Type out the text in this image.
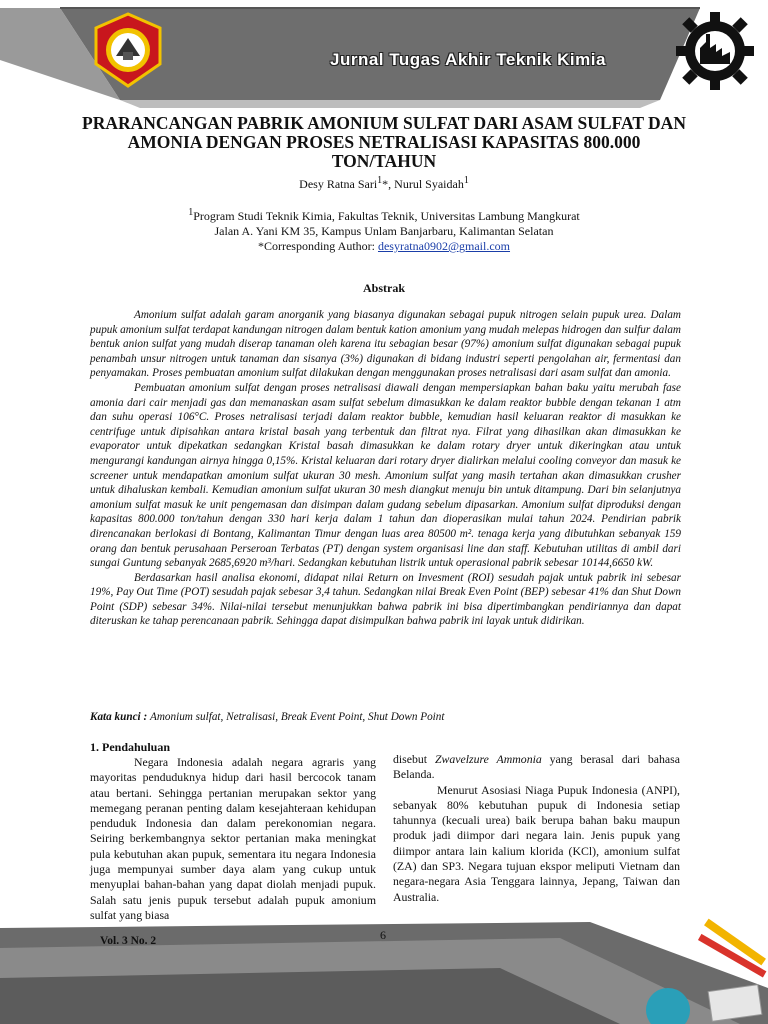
Jurnal Tugas Akhir Teknik Kimia
PRARANCANGAN PABRIK AMONIUM SULFAT DARI ASAM SULFAT DAN AMONIA DENGAN PROSES NETRALISASI KAPASITAS 800.000 TON/TAHUN
Desy Ratna Sari$^1$*, Nurul Syaidah$^1$
$^1$Program Studi Teknik Kimia, Fakultas Teknik, Universitas Lambung Mangkurat
Jalan A. Yani KM 35, Kampus Unlam Banjarbaru, Kalimantan Selatan
*Corresponding Author: desyratna0902@gmail.com
Abstrak

Amonium sulfat adalah garam anorganik yang biasanya digunakan sebagai pupuk nitrogen selain pupuk urea. Dalam pupuk amonium sulfat terdapat kandungan nitrogen dalam bentuk kation amonium yang mudah melepas hidrogen dan sulfur dalam bentuk anion sulfat yang mudah diserap tanaman oleh karena itu sebagian besar (97%) amonium sulfat digunakan sebagai pupuk penambah unsur nitrogen untuk tanaman dan sisanya (3%) digunakan di bidang industri seperti pengolahan air, fermentasi dan penyamakan. Proses pembuatan amonium sulfat dilakukan dengan menggunakan proses netralisasi dari asam sulfat dan amonia.

Pembuatan amonium sulfat dengan proses netralisasi diawali dengan mempersiapkan bahan baku yaitu merubah fase amonia dari cair menjadi gas dan memanaskan asam sulfat sebelum dimasukkan ke dalam reaktor bubble dengan tekanan 1 atm dan suhu operasi 106°C. Proses netralisasi terjadi dalam reaktor bubble, kemudian hasil keluaran reaktor di masukkan ke centrifuge untuk dipisahkan antara kristal basah yang terbentuk dan filtrat nya. Filrat yang dihasilkan akan dimasukkan ke evaporator untuk dipekatkan sedangkan Kristal basah dimasukkan ke dalam rotary dryer untuk dikeringkan atau untuk mengurangi kandungan airnya hingga 0,15%. Kristal keluaran dari rotary dryer dialirkan melalui cooling conveyor dan masuk ke screener untuk mendapatkan amonium sulfat ukuran 30 mesh. Amonium sulfat yang masih tertahan akan dimasukkan crusher untuk dihaluskan kembali. Kemudian amonium sulfat ukuran 30 mesh diangkut menuju bin untuk ditampung. Dari bin selanjutnya amonium sulfat masuk ke unit pengemasan dan disimpan dalam gudang sebelum dipasarkan. Amonium sulfat diproduksi dengan kapasitas 800.000 ton/tahun dengan 330 hari kerja dalam 1 tahun dan dioperasikan mulai tahun 2024. Pendirian pabrik direncanakan berlokasi di Bontang, Kalimantan Timur dengan luas area 80500 m². tenaga kerja yang dibutuhkan sebanyak 159 orang dan bentuk perusahaan Perseroan Terbatas (PT) dengan system organisasi line dan staff. Kebutuhan utilitas di ambil dari sungai Guntung sebanyak 2685,6920 m³/hari. Sedangkan kebutuhan listrik untuk operasional pabrik sebesar 10144,6650 kW.

Berdasarkan hasil analisa ekonomi, didapat nilai Return on Invesment (ROI) sesudah pajak untuk pabrik ini sebesar 19%, Pay Out Time (POT) sesudah pajak sebesar 3,4 tahun. Sedangkan nilai Break Even Point (BEP) sebesar 41% dan Shut Down Point (SDP) sebesar 34%. Nilai-nilai tersebut menunjukkan bahwa pabrik ini bisa dipertimbangkan pendiriannya dan dapat diteruskan ke tahap perencanaan pabrik. Sehingga dapat disimpulkan bahwa pabrik ini layak untuk didirikan.

Kata kunci : Amonium sulfat, Netralisasi, Break Event Point, Shut Down Point
1. Pendahuluan

Negara Indonesia adalah negara agraris yang mayoritas penduduknya hidup dari hasil bercocok tanam atau bertani. Sehingga pertanian merupakan sektor yang memegang peranan penting dalam kesejahteraan kehidupan penduduk Indonesia dan dalam perekonomian negara. Seiring berkembangnya sektor pertanian maka meningkat pula kebutuhan akan pupuk, sementara itu negara Indonesia juga mempunyai sumber daya alam yang cukup untuk menyuplai bahan-bahan yang dapat diolah menjadi pupuk. Salah satu jenis pupuk tersebut adalah pupuk amonium sulfat yang biasa

disebut Zwavelzure Ammonia yang berasal dari bahasa Belanda.

Menurut Asosiasi Niaga Pupuk Indonesia (ANPI), sebanyak 80% kebutuhan pupuk di Indonesia setiap tahunnya (kecuali urea) baik berupa bahan baku maupun produk jadi diimpor dari negara lain. Jenis pupuk yang diimpor antara lain kalium klorida (KCl), amonium sulfat (ZA) dan SP3. Negara tujuan ekspor meliputi Vietnam dan negara-negara Asia Tenggara lainnya, Jepang, Taiwan dan Australia.

Vol. 3 No. 2	6
